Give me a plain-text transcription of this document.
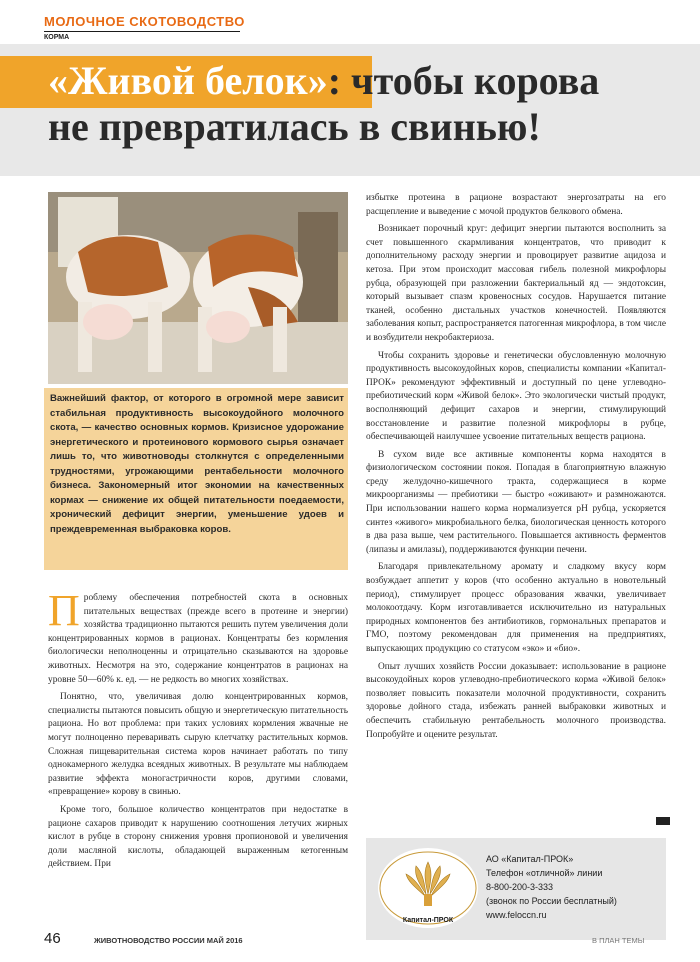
МОЛОЧНОЕ СКОТОВОДСТВО
КОРМА
«Живой белок»: чтобы корова
не превратилась в свинью!
Важнейший фактор, от которого в огромной мере зависит стабильная продуктивность высокоудойного молочного скота, — качество основных кормов. Кризисное удорожание энергетического и протеинового кормового сырья означает лишь то, что животноводы столкнутся с определенными трудностями, угрожающими рентабельности молочного бизнеса. Закономерный итог экономии на качественных кормах — снижение их общей питательности поедаемости, хронический дефицит энергии, уменьшение удоев и преждевременная выбраковка коров.

Проблему обеспечения потребностей скота в основных питательных веществах (прежде всего в протеине и энергии) хозяйства традиционно пытаются решить путем увеличения доли концентрированных кормов в рационах. Концентраты без кормления биологически неполноценны и отрицательно сказываются на здоровье животных. Несмотря на это, содержание концентратов в рационах на уровне 50—60% к. ед. — не редкость во многих хозяйствах.

Понятно, что, увеличивая долю концентрированных кормов, специалисты пытаются повысить общую и энергетическую питательность рациона. Но вот проблема: при таких условиях кормления жвачные не могут полноценно переваривать сырую клетчатку растительных кормов. Сложная пищеварительная система коров начинает работать по типу однокамерного желудка всеядных животных. В результате мы наблюдаем развитие эффекта моногастричности коров, другими словами, «превращение» корову в свинью.

Кроме того, большое количество концентратов при недостатке в рационе сахаров приводит к нарушению соотношения летучих жирных кислот в рубце в сторону снижения уровня пропионовой и увеличения доли масляной кислоты, обладающей выраженным кетогенным действием. При

избытке протеина в рационе возрастают энергозатраты на его расщепление и выведение с мочой продуктов белкового обмена.

Возникает порочный круг: дефицит энергии пытаются восполнить за счет повышенного скармливания концентратов, что приводит к дополнительному расходу энергии и провоцирует развитие ацидоза и кетоза. При этом происходит массовая гибель полезной микрофлоры рубца, образующей при разложении бактериальный яд — эндотоксин, который вызывает спазм кровеносных сосудов. Нарушается питание тканей, особенно дистальных участков конечностей. Появляются заболевания копыт, распространяется патогенная микрофлора, в том числе и возбудители некробактериоза.

Чтобы сохранить здоровье и генетически обусловленную молочную продуктивность высокоудойных коров, специалисты компании «Капитал-ПРОК» рекомендуют эффективный и доступный по цене углеводно-пребиотический корм «Живой белок». Это экологически чистый продукт, восполняющий дефицит сахаров и энергии, стимулирующий восстановление и развитие полезной микрофлоры в рубце, обеспечивающей наилучшее усвоение питательных веществ рациона.

В сухом виде все активные компоненты корма находятся в физиологическом состоянии покоя. Попадая в благоприятную влажную среду желудочно-кишечного тракта, содержащиеся в корме микроорганизмы — пребиотики — быстро «оживают» и размножаются. При использовании нашего корма нормализуется рН рубца, ускоряется синтез «живого» микробиального белка, биологическая ценность которого в два раза выше, чем растительного. Повышается активность ферментов (липазы и амилазы), поддерживаются функции печени.

Благодаря привлекательному аромату и сладкому вкусу корм возбуждает аппетит у коров (что особенно актуально в новотельный период), стимулирует процесс образования жвачки, увеличивает молокоотдачу. Корм изготавливается исключительно из натуральных природных компонентов без антибиотиков, гормональных препаратов и ГМО, поэтому рекомендован для применения на предприятиях, выпускающих продукцию со статусом «эко» и «био».

Опыт лучших хозяйств России доказывает: использование в рационе высокоудойных коров углеводно-пребиотического корма «Живой белок» позволяет повысить показатели молочной продуктивности, сохранить здоровье дойного стада, избежать ранней выбраковки животных и обеспечить стабильную рентабельность молочного производства. Попробуйте и оцените результат.

Капитал-ПРОК
АО «Капитал-ПРОК»
Телефон «отличной» линии
8-800-200-3-333
(звонок по России бесплатный)
www.feloccn.ru
46	ЖИВОТНОВОДСТВО РОССИИ МАЙ 2016	В ПЛАН ТЕМЫ
